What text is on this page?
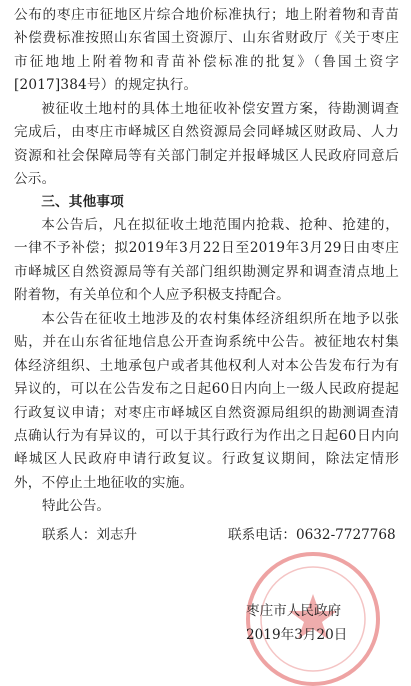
公布的枣庄市征地区片综合地价标准执行；地上附着物和青苗补偿费标准按照山东省国土资源厅、山东省财政厅《关于枣庄市征地地上附着物和青苗补偿标准的批复》（鲁国土资字[2017]384号）的规定执行。

被征收土地村的具体土地征收补偿安置方案，待勘测调查完成后，由枣庄市峄城区自然资源局会同峄城区财政局、人力资源和社会保障局等有关部门制定并报峄城区人民政府同意后公示。

三、其他事项

本公告后，凡在拟征收土地范围内抢栽、抢种、抢建的，一律不予补偿；拟2019年3月22日至2019年3月29日由枣庄市峄城区自然资源局等有关部门组织勘测定界和调查清点地上附着物，有关单位和个人应予积极支持配合。

本公告在征收土地涉及的农村集体经济组织所在地予以张贴，并在山东省征地信息公开查询系统中公告。被征地农村集体经济组织、土地承包户或者其他权利人对本公告发布行为有异议的，可以在公告发布之日起60日内向上一级人民政府提起行政复议申请；对枣庄市峄城区自然资源局组织的勘测调查清点确认行为有异议的，可以于其行政行为作出之日起60日内向峄城区人民政府申请行政复议。行政复议期间，除法定情形外，不停止土地征收的实施。

特此公告。
联系人：刘志升	联系电话：0632-7727768
枣庄市人民政府
2019年3月20日
